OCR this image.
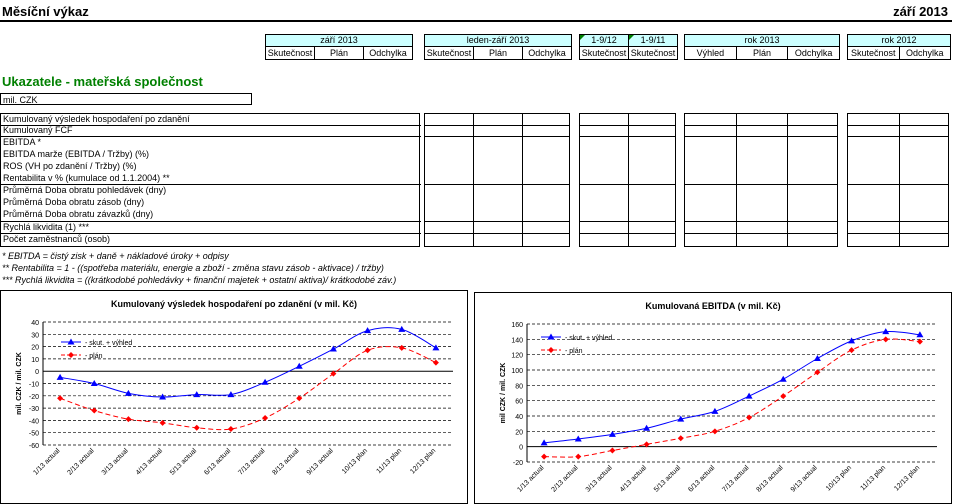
Měsíční výkaz	září 2013
září 2013
Skutečnost	Plán	Odchylka
leden-září 2013
Skutečnost	Plán	Odchylka
1-9/12	1-9/11
Skutečnost Skutečnost
rok 2013
Výhled	Plán	Odchylka
rok 2012
Skutečnost	Odchylka
Ukazatele - mateřská společnost
mil. CZK
Kumulovaný výsledek hospodaření po zdanění
Kumulovaný FCF
EBITDA *
EBITDA marže (EBITDA / Tržby) (%)
ROS (VH po zdanění / Tržby) (%)
Rentabilita v % (kumulace od 1.1.2004) **
Průměrná Doba obratu pohledávek (dny)
Průměrná Doba obratu zásob (dny)
Průměrná Doba obratu závazků (dny)
Rychlá likvidita (1) ***
Počet zaměstnanců (osob)
* EBITDA = čistý zisk + daně + nákladové úroky + odpisy
** Rentabilita = 1 - ((spotřeba materiálu, energie a zboží - změna stavu zásob - aktivace) / tržby)
*** Rychlá likvidita = ((krátkodobé pohledávky + finanční majetek + ostatní aktiva)/ krátkodobé záv.)
Kumulovaný výsledek hospodaření po zdanění (v mil. Kč)
-60
-50
-40
-30
-20
-10
0
10
20
30
40
1/13 actual 2/13 actual 3/13 actual 4/13 actual 5/13 actual 6/13 actual 7/13 actual 8/13 actual 9/13 actual 10/13 plan 11/13 plan 12/13 plan
mil. CZK / mil. CZK
- skut. + výhled
- plán
Kumulovaná EBITDA (v mil. Kč)
-20
0
20
40
60
80
100
120
140
160
1/13 actual 2/13 actual 3/13 actual 4/13 actual 5/13 actual 6/13 actual 7/13 actual 8/13 actual 9/13 actual 10/13 plan 11/13 plan 12/13 plan
mil CZK / mil. CZK
- skut. + výhled
- plán
